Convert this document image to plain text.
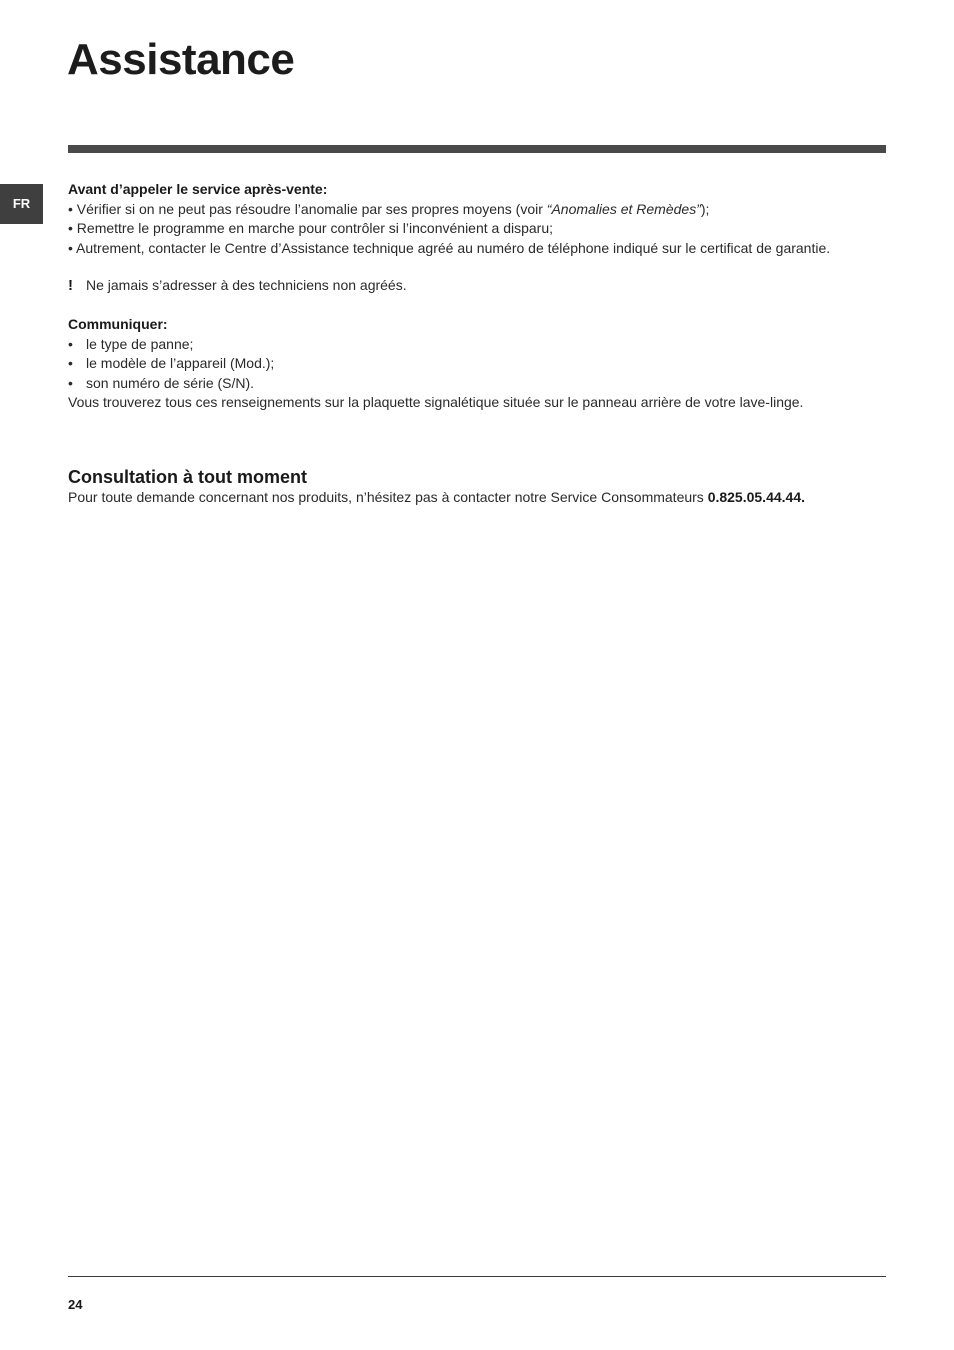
Assistance
FR
Avant d’appeler le service après-vente:
• Vérifier si on ne peut pas résoudre l’anomalie par ses propres moyens (voir “Anomalies et Remèdes”);
• Remettre le programme en marche pour contrôler si l’inconvénient a disparu;
• Autrement, contacter le Centre d’Assistance technique agréé au numéro de téléphone indiqué sur le certificat de garantie.
! Ne jamais s’adresser à des techniciens non agréés.
Communiquer:
• le type de panne;
• le modèle de l’appareil (Mod.);
• son numéro de série (S/N).
Vous trouverez tous ces renseignements sur la plaquette signalétique située sur le panneau arrière de votre lave-linge.
Consultation à tout moment
Pour toute demande concernant nos produits, n’hésitez pas à contacter notre Service Consommateurs 0.825.05.44.44.
24
